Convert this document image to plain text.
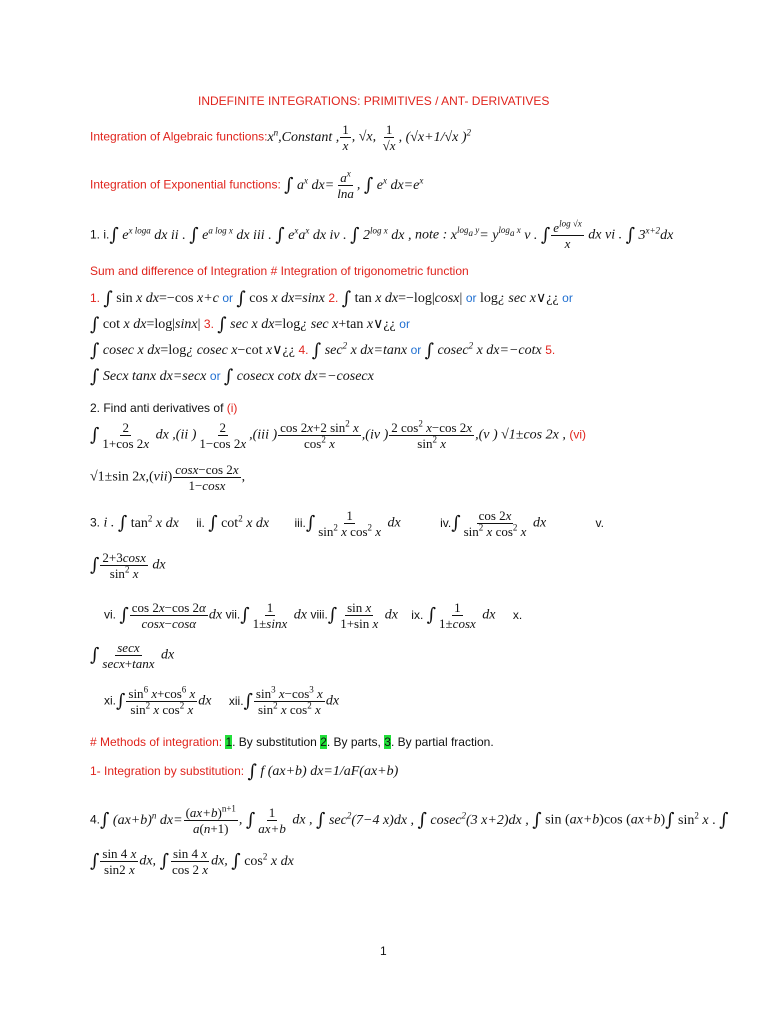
INDEFINITE INTEGRATIONS: PRIMITIVES / ANT- DERIVATIVES
Integration of Algebraic $functions:x^n,Constant$ , $\frac{1}{x}$ , √x, $\frac{1}{√x}$ , (√x+1/√x )$^2$
Integration of Exponential functions: ∫ $a^x$ $dx= \frac{a^x}{\ln a}$ , ∫ $e^x$ $dx=e^x$
1. i.∫ $e^{x loga}$ dx ii . ∫ $e^{a log x}$ dx iii . ∫ $e^xa^x$ dx iv . ∫ $2^{log x}$ dx , note : $x^{log_a y}= y^{log_a x}$ v . ∫ $\frac{e^{log √x}}{x}$ dx vi . ∫ $3^{x+2}dx$
Sum and difference of Integration # Integration of trigonometric function
1. ∫ sin x dx=−cos x+c or ∫ cos x dx=sinx 2. ∫ tan x dx=−log|cosx| or log¿ sec x∨¿¿ or
∫ cot x dx=log|sinx| 3. ∫ sec x dx=log¿ sec x+tan x∨¿¿ or
∫ cosec x dx=log¿ cosec x−cot x∨¿¿ 4. ∫ $\sec^2 x$ dx=tanx or ∫ cosec$^2$ x dx=−cotx 5.
∫ Secx tanx dx=secx or ∫ cosecx cotx dx=−cosecx
2. Find anti derivatives of (i)
∫ $\frac{2}{1+\cos 2x}$ dx ,(ii ) $\frac{2}{1-\cos 2x} ,(iii$ ) $\frac{\cos 2x+2 \sin^2 x}{\cos^2 x} ,(iv$ ) $\frac{2 \cos^2 x-\cos 2x}{\sin^2 x} ,(v$ ) √1±cos 2x , (vi)
√1±sin $2x,(vii) \frac{\cos x-\cos 2x}{1-\cos x}$ ,
3. i . ∫ $\tan^2 x$ dx ii. ∫ $\cot^2 x$ dx $iii.\int \frac{1}{\sin^2 x \cos^2 x}$ dx	$iv.\int \frac{\cos 2x}{\sin^2 x \cos^2 x}$ dx	v.
∫ $\frac{2+3\cos x}{\sin^2 x}$ dx
vi. ∫ $\frac{\cos 2x-\cos 2\alpha}{\cos x-\cos\alpha}$ dx $vii.\int \frac{1}{1\pm\sin x}$ dx viii.∫ $\frac{\text{sin x}}{\text{1+sin x}}$ dx ix. ∫ $\frac{1}{1\pm\cos x}$ dx x.
∫ secx
secx+tanx
dx
$xi.\int \frac{\sin^6 x+\cos^6 x}{\sin^2 x \cos^2 x}$ dx $xii.\int \frac{\sin^3 x-\cos^3 x}{\sin^2 x \cos^2 x}$ dx
# Methods of integration: 1. By substitution 2. By parts, 3. By partial fraction.
1- Integration by substitution: ∫ f (ax+b) dx=1/aF(ax+b)
4.∫ $(ax+b)^n$ $dx= \frac{(ax+b)^{n+1}}{a(n+1)}$ , ∫ $\frac{1}{ax+b}$ dx , ∫ $\sec^2(7-4$ x)dx , ∫ cosec$^2$(3 x+2)dx , ∫ sin (ax+b)cos (ax+b)∫ $\sin^2 x$ . ∫
∫ $\frac{\sin 4 x}{\sin 2 x}$ dx, ∫ $\frac{\sin 4 x}{\cos 2 x}$ dx, ∫ $\cos^2 x$ dx
1
